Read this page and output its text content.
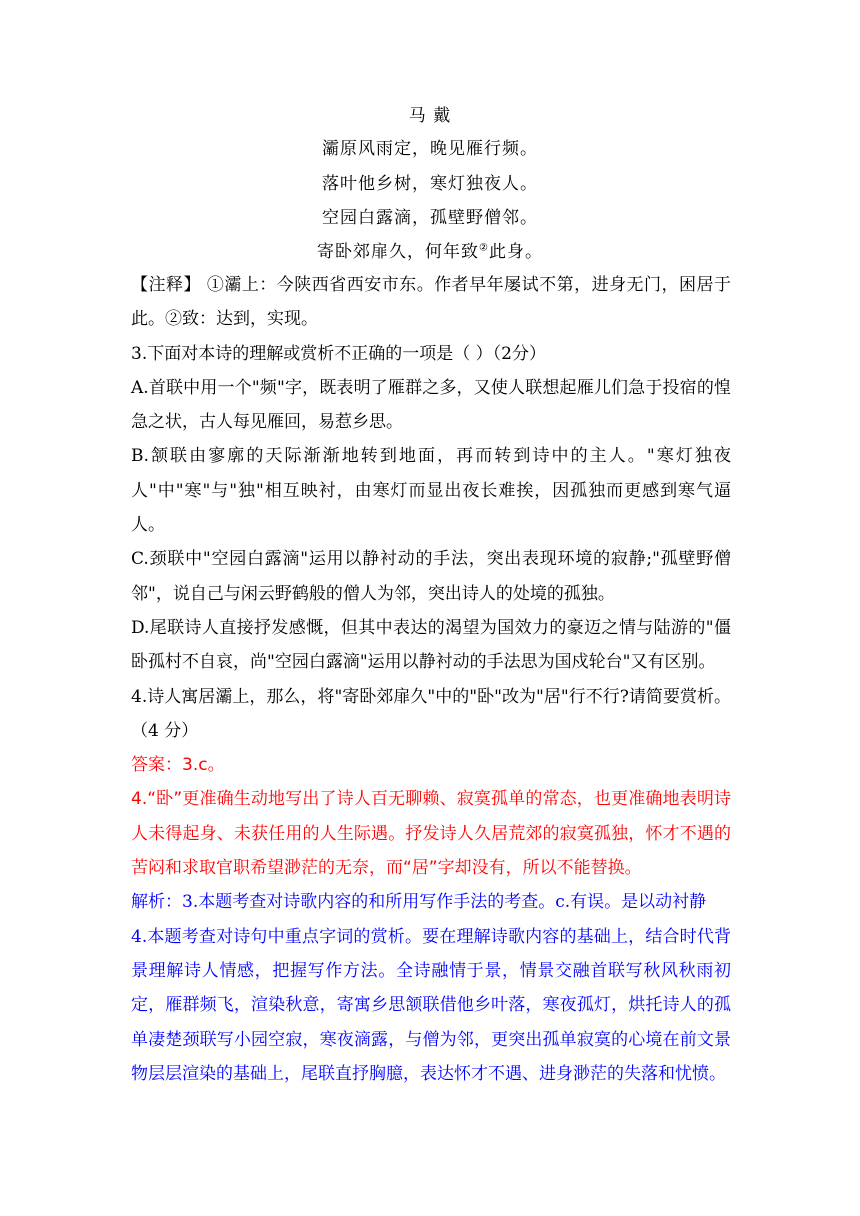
马 戴
灞原风雨定，晚见雁行频。
落叶他乡树，寒灯独夜人。
空园白露滴，孤壁野僧邻。
寄卧郊扉久，何年致②此身。

【注释】 ①灞上：今陕西省西安市东。作者早年屡试不第，进身无门，困居于此。②致：达到，实现。

3.下面对本诗的理解或赏析不正确的一项是（ ）（2分）

A.首联中用一个"频"字，既表明了雁群之多，又使人联想起雁儿们急于投宿的惶急之状，古人每见雁回，易惹乡思。

B.颔联由寥廓的天际渐渐地转到地面，再而转到诗中的主人。"寒灯独夜人"中"寒"与"独"相互映衬，由寒灯而显出夜长难挨，因孤独而更感到寒气逼人。

C.颈联中"空园白露滴"运用以静衬动的手法，突出表现环境的寂静;"孤壁野僧邻"，说自己与闲云野鹤般的僧人为邻，突出诗人的处境的孤独。

D.尾联诗人直接抒发感慨，但其中表达的渴望为国效力的豪迈之情与陆游的"僵卧孤村不自哀，尚"空园白露滴"运用以静衬动的手法思为国戍轮台"又有区别。

4.诗人寓居灞上，那么，将"寄卧郊扉久"中的"卧"改为"居"行不行?请简要赏析。（4 分）

答案：3.c。

4.“卧”更准确生动地写出了诗人百无聊赖、寂寞孤单的常态，也更准确地表明诗人未得起身、未获任用的人生际遇。抒发诗人久居荒郊的寂寞孤独，怀才不遇的苦闷和求取官职希望渺茫的无奈，而“居”字却没有，所以不能替换。

解析：3.本题考查对诗歌内容的和所用写作手法的考查。c.有误。是以动衬静

4.本题考查对诗句中重点字词的赏析。要在理解诗歌内容的基础上，结合时代背景理解诗人情感，把握写作方法。全诗融情于景，情景交融首联写秋风秋雨初定，雁群频飞，渲染秋意，寄寓乡思颔联借他乡叶落，寒夜孤灯，烘托诗人的孤单凄楚颈联写小园空寂，寒夜滴露，与僧为邻，更突出孤单寂寞的心境在前文景物层层渲染的基础上，尾联直抒胸臆，表达怀才不遇、进身渺茫的失落和忧愤。
